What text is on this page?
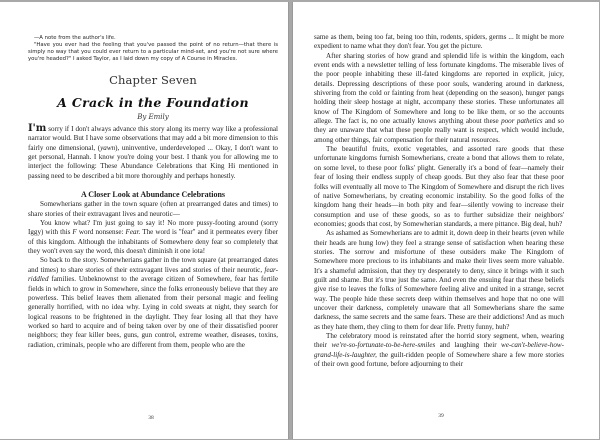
—A note from the author's life.

"Have you ever had the feeling that you've passed the point of no return—that there is simply no way that you could ever return to a particular mind-set, and you're not sure where you're headed?" I asked Taylor, as I laid down my copy of A Course in Miracles.

Chapter Seven
A Crack in the Foundation
By Emily

I'm sorry if I don't always advance this story along its merry way like a professional narrator would. But I have some observations that may add a bit more dimension to this fairly one dimensional, (yawn), uninventive, underdeveloped ... Okay, I don't want to get personal, Hannah. I know you're doing your best. I thank you for allowing me to interject the following: These Abundance Celebrations that King Hi mentioned in passing need to be described a bit more thoroughly and perhaps honestly.

A Closer Look at Abundance Celebrations

Somewherians gather in the town square (often at prearranged dates and times) to share stories of their extravagant lives and neurotic—

You know what? I'm just going to say it! No more pussy-footing around (sorry Iggy) with this F word nonsense: Fear. The word is "fear" and it permeates every fiber of this kingdom. Although the inhabitants of Somewhere deny fear so completely that they won't even say the word, this doesn't diminish it one iota!

So back to the story. Somewherians gather in the town square (at prearranged dates and times) to share stories of their extravagant lives and stories of their neurotic, fear-riddled families. Unbeknownst to the average citizen of Somewhere, fear has fertile fields in which to grow in Somewhere, since the folks erroneously believe that they are powerless. This belief leaves them alienated from their personal magic and feeling generally horrified, with no idea why. Lying in cold sweats at night, they search for logical reasons to be frightened in the daylight. They fear losing all that they have worked so hard to acquire and of being taken over by one of their dissatisfied poorer neighbors; they fear killer bees, guns, gun control, extreme weather, diseases, toxins, radiation, criminals, people who are different from them, people who are the

38

same as them, being too fat, being too thin, rodents, spiders, germs ... It might be more expedient to name what they don't fear. You get the picture.

After sharing stories of how grand and splendid life is within the kingdom, each event ends with a newsletter telling of less fortunate kingdoms. The miserable lives of the poor people inhabiting these ill-fated kingdoms are reported in explicit, juicy, details. Depressing descriptions of these poor souls, wandering around in darkness, shivering from the cold or fainting from heat (depending on the season), hunger pangs holding their sleep hostage at night, accompany these stories. These unfortunates all know of The Kingdom of Somewhere and long to be like them, or so the accounts allege. The fact is, no one actually knows anything about these poor pathetics and so they are unaware that what these people really want is respect, which would include, among other things, fair compensation for their natural resources.

The beautiful fruits, exotic vegetables, and assorted rare goods that these unfortunate kingdoms furnish Somewherians, create a bond that allows them to relate, on some level, to these poor folks' plight. Generally it's a bond of fear—namely their fear of losing their endless supply of cheap goods. But they also fear that these poor folks will eventually all move to The Kingdom of Somewhere and disrupt the rich lives of native Somewherians, by creating economic instability. So the good folks of the kingdom hang their heads—in both pity and fear—silently vowing to increase their consumption and use of these goods, so as to further subsidize their neighbors' economies; goods that cost, by Somewherian standards, a mere pittance. Big deal, huh?

As ashamed as Somewherians are to admit it, down deep in their hearts (even while their heads are hung low) they feel a strange sense of satisfaction when hearing these stories. The sorrow and misfortune of these outsiders make The Kingdom of Somewhere more precious to its inhabitants and make their lives seem more valuable. It's a shameful admission, that they try desperately to deny, since it brings with it such guilt and shame. But it's true just the same. And even the ensuing fear that these beliefs give rise to leaves the folks of Somewhere feeling alive and united in a strange, secret way. The people hide these secrets deep within themselves and hope that no one will uncover their darkness, completely unaware that all Somewherians share the same darkness, the same secrets and the same fears. These are their addictions! And as much as they hate them, they cling to them for dear life. Pretty funny, huh?

The celebratory mood is reinstated after the horrid story segment, when, wearing their we're-so-fortunate-to-be-here-smiles and laughing their we-can't-believe-how-grand-life-is-laughter, the guilt-ridden people of Somewhere share a few more stories of their own good fortune, before adjourning to their

39
